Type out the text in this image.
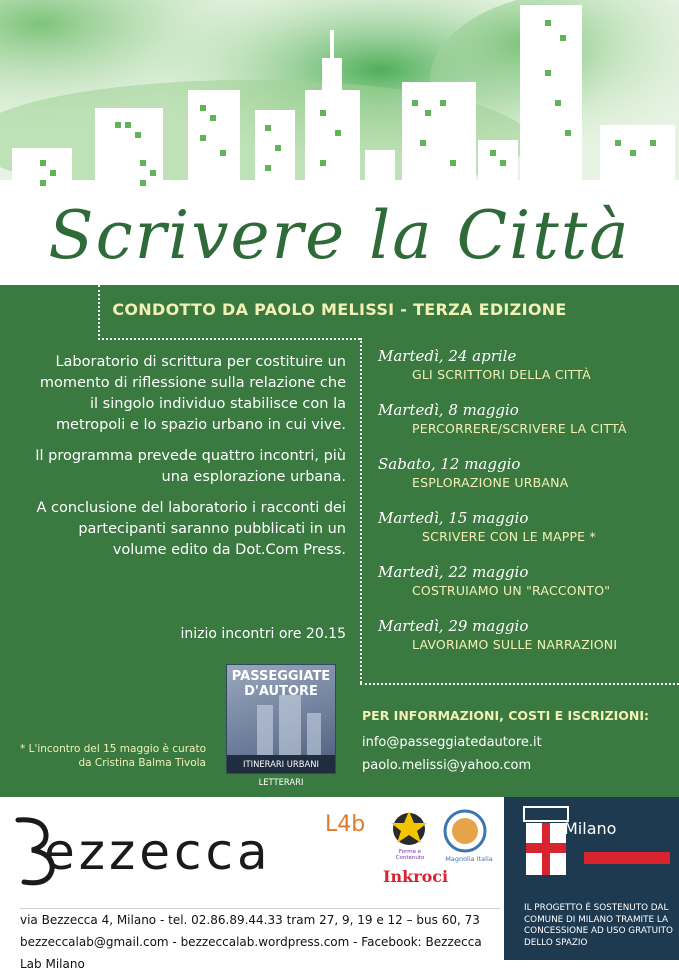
Scrivere la Città
CONDOTTO DA PAOLO MELISSI - TERZA EDIZIONE

Laboratorio di scrittura per costituire un momento di riflessione sulla relazione che il singolo individuo stabilisce con la metropoli e lo spazio urbano in cui vive.

Il programma prevede quattro incontri, più una esplorazione urbana.

A conclusione del laboratorio i racconti dei partecipanti saranno pubblicati in un volume edito da Dot.Com Press.

inizio incontri ore 20.15
Martedì, 24 aprile
GLI SCRITTORI DELLA CITTÀ
Martedì, 8 maggio
PERCORRERE/SCRIVERE LA CITTÀ
Sabato, 12 maggio
ESPLORAZIONE URBANA
Martedì, 15 maggio
SCRIVERE CON LE MAPPE *
Martedì, 22 maggio
COSTRUIAMO UN "RACCONTO"
Martedì, 29 maggio
LAVORIAMO SULLE NARRAZIONI
PASSEGGIATE D'AUTORE
ITINERARI URBANI LETTERARI
* L'incontro del 15 maggio è curato da Cristina Balma Tivola
PER INFORMAZIONI, COSTI E ISCRIZIONI:
info@passeggiatedautore.it
paolo.melissi@yahoo.com
ezzecca L4b
Forme e Contenuto	Magnolia Italia
Inkroci
via Bezzecca 4, Milano - tel. 02.86.89.44.33 tram 27, 9, 19 e 12 – bus 60, 73
bezzeccalab@gmail.com - bezzeccalab.wordpress.com - Facebook: Bezzecca Lab Milano
Milano
IL PROGETTO È SOSTENUTO DAL COMUNE DI MILANO TRAMITE LA CONCESSIONE AD USO GRATUITO DELLO SPAZIO
